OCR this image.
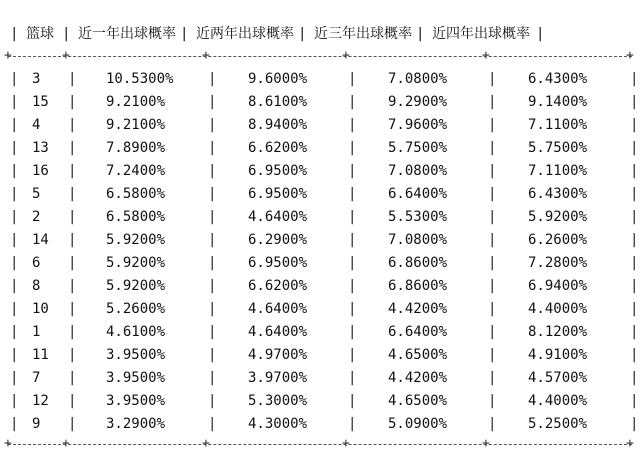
| 篮球 | 近一年出球概率 | 近两年出球概率 | 近三年出球概率 | 近四年出球概率 |
+	+	+	+	+	+
|	|	|	|	|	|
3	10.5300%	9.6000%	7.0800%	6.4300%
|	|	|	|	|	|
15	9.2100%	8.6100%	9.2900%	9.1400%
|	|	|	|	|	|
4	9.2100%	8.9400%	7.9600%	7.1100%
|	|	|	|	|	|
13	7.8900%	6.6200%	5.7500%	5.7500%
|	|	|	|	|	|
16	7.2400%	6.9500%	7.0800%	7.1100%
|	|	|	|	|	|
5	6.5800%	6.9500%	6.6400%	6.4300%
|	|	|	|	|	|
2	6.5800%	4.6400%	5.5300%	5.9200%
|	|	|	|	|	|
14	5.9200%	6.2900%	7.0800%	6.2600%
|	|	|	|	|	|
6	5.9200%	6.9500%	6.8600%	7.2800%
|	|	|	|	|	|
8	5.9200%	6.6200%	6.8600%	6.9400%
|	|	|	|	|	|
10	5.2600%	4.6400%	4.4200%	4.4000%
|	|	|	|	|	|
1	4.6100%	4.6400%	6.6400%	8.1200%
|	|	|	|	|	|
11	3.9500%	4.9700%	4.6500%	4.9100%
|	|	|	|	|	|
7	3.9500%	3.9700%	4.4200%	4.5700%
|	|	|	|	|	|
12	3.9500%	5.3000%	4.6500%	4.4000%
|	|	|	|	|	|
9	3.2900%	4.3000%	5.0900%	5.2500%
+	+	+	+	+	+
